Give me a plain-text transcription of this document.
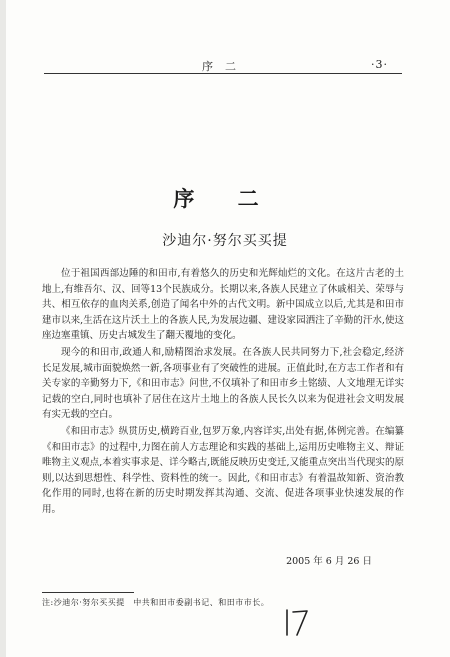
序二	·3·
序 二
沙迪尔·努尔买买提

位于祖国西部边陲的和田市,有着悠久的历史和光辉灿烂的文化。在这片古老的土地上,有维吾尔、汉、回等13个民族成分。长期以来,各族人民建立了休戚相关、荣辱与共、相互依存的血肉关系,创造了闻名中外的古代文明。新中国成立以后,尤其是和田市建市以来,生活在这片沃土上的各族人民,为发展边疆、建设家园洒注了辛勤的汗水,使这座边塞重镇、历史古城发生了翻天覆地的变化。

现今的和田市,政通人和,励精图治求发展。在各族人民共同努力下,社会稳定,经济长足发展,城市面貌焕然一新,各项事业有了突破性的进展。正值此时,在方志工作者和有关专家的辛勤努力下,《和田市志》问世,不仅填补了和田市乡土铭绩、人文地理无详实记载的空白,同时也填补了居住在这片土地上的各族人民长久以来为促进社会文明发展有实无载的空白。

《和田市志》纵贯历史,横跨百业,包罗万象,内容详实,出处有据,体例完善。在编纂《和田市志》的过程中,力图在前人方志理论和实践的基础上,运用历史唯物主义、辩证唯物主义观点,本着实事求是、详今略古,既能反映历史变迁,又能重点突出当代现实的原则,以达到思想性、科学性、资料性的统一。因此,《和田市志》有着温故知新、资治教化作用的同时,也将在新的历史时期发挥其沟通、交流、促进各项事业快速发展的作用。

2005 年 6 月 26 日
注:沙迪尔·努尔买买提　中共和田市委副书记、和田市市长。
